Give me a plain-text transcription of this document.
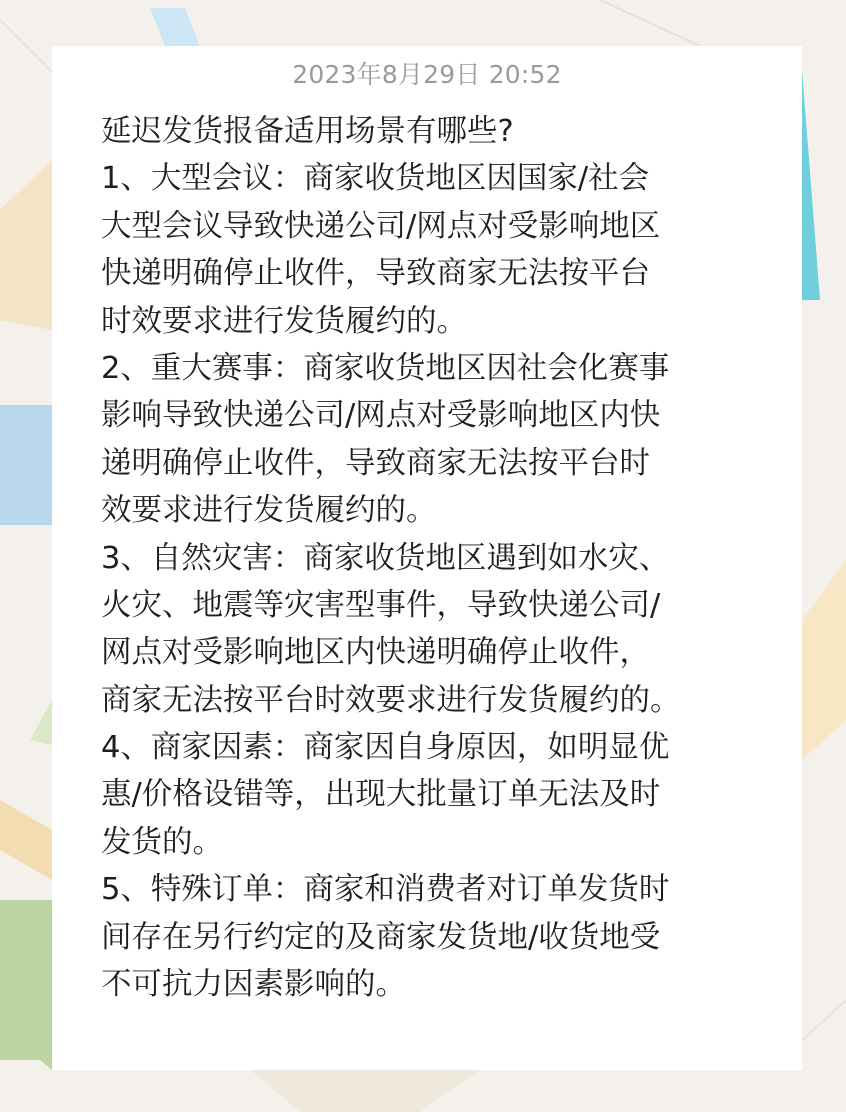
2023年8月29日 20:52
延迟发货报备适用场景有哪些?
1、大型会议：商家收货地区因国家/社会
大型会议导致快递公司/网点对受影响地区
快递明确停止收件，导致商家无法按平台
时效要求进行发货履约的。
2、重大赛事：商家收货地区因社会化赛事
影响导致快递公司/网点对受影响地区内快
递明确停止收件，导致商家无法按平台时
效要求进行发货履约的。
3、自然灾害：商家收货地区遇到如水灾、
火灾、地震等灾害型事件，导致快递公司/
网点对受影响地区内快递明确停止收件，
商家无法按平台时效要求进行发货履约的。
4、商家因素：商家因自身原因，如明显优
惠/价格设错等，出现大批量订单无法及时
发货的。
5、特殊订单：商家和消费者对订单发货时
间存在另行约定的及商家发货地/收货地受
不可抗力因素影响的。
